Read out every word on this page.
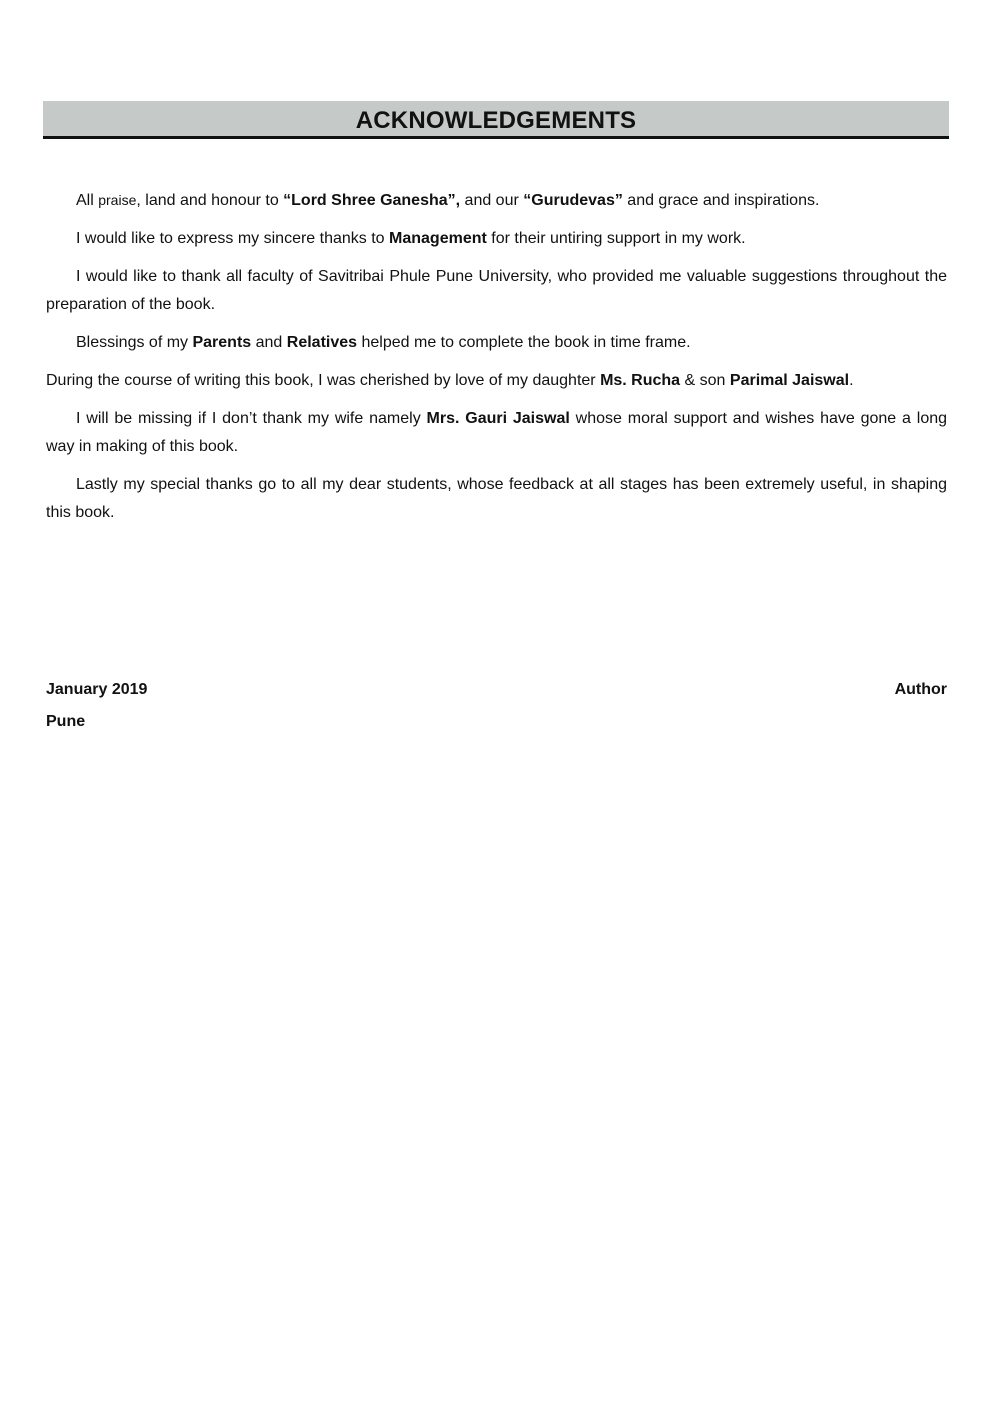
ACKNOWLEDGEMENTS

All praise, land and honour to “Lord Shree Ganesha”, and our “Gurudevas” and grace and inspirations.

I would like to express my sincere thanks to Management for their untiring support in my work.

I would like to thank all faculty of Savitribai Phule Pune University, who provided me valuable suggestions throughout the preparation of the book.

Blessings of my Parents and Relatives helped me to complete the book in time frame.

During the course of writing this book, I was cherished by love of my daughter Ms. Rucha & son Parimal Jaiswal.

I will be missing if I don’t thank my wife namely Mrs. Gauri Jaiswal whose moral support and wishes have gone a long way in making of this book.

Lastly my special thanks go to all my dear students, whose feedback at all stages has been extremely useful, in shaping this book.

January 2019	Author
Pune
